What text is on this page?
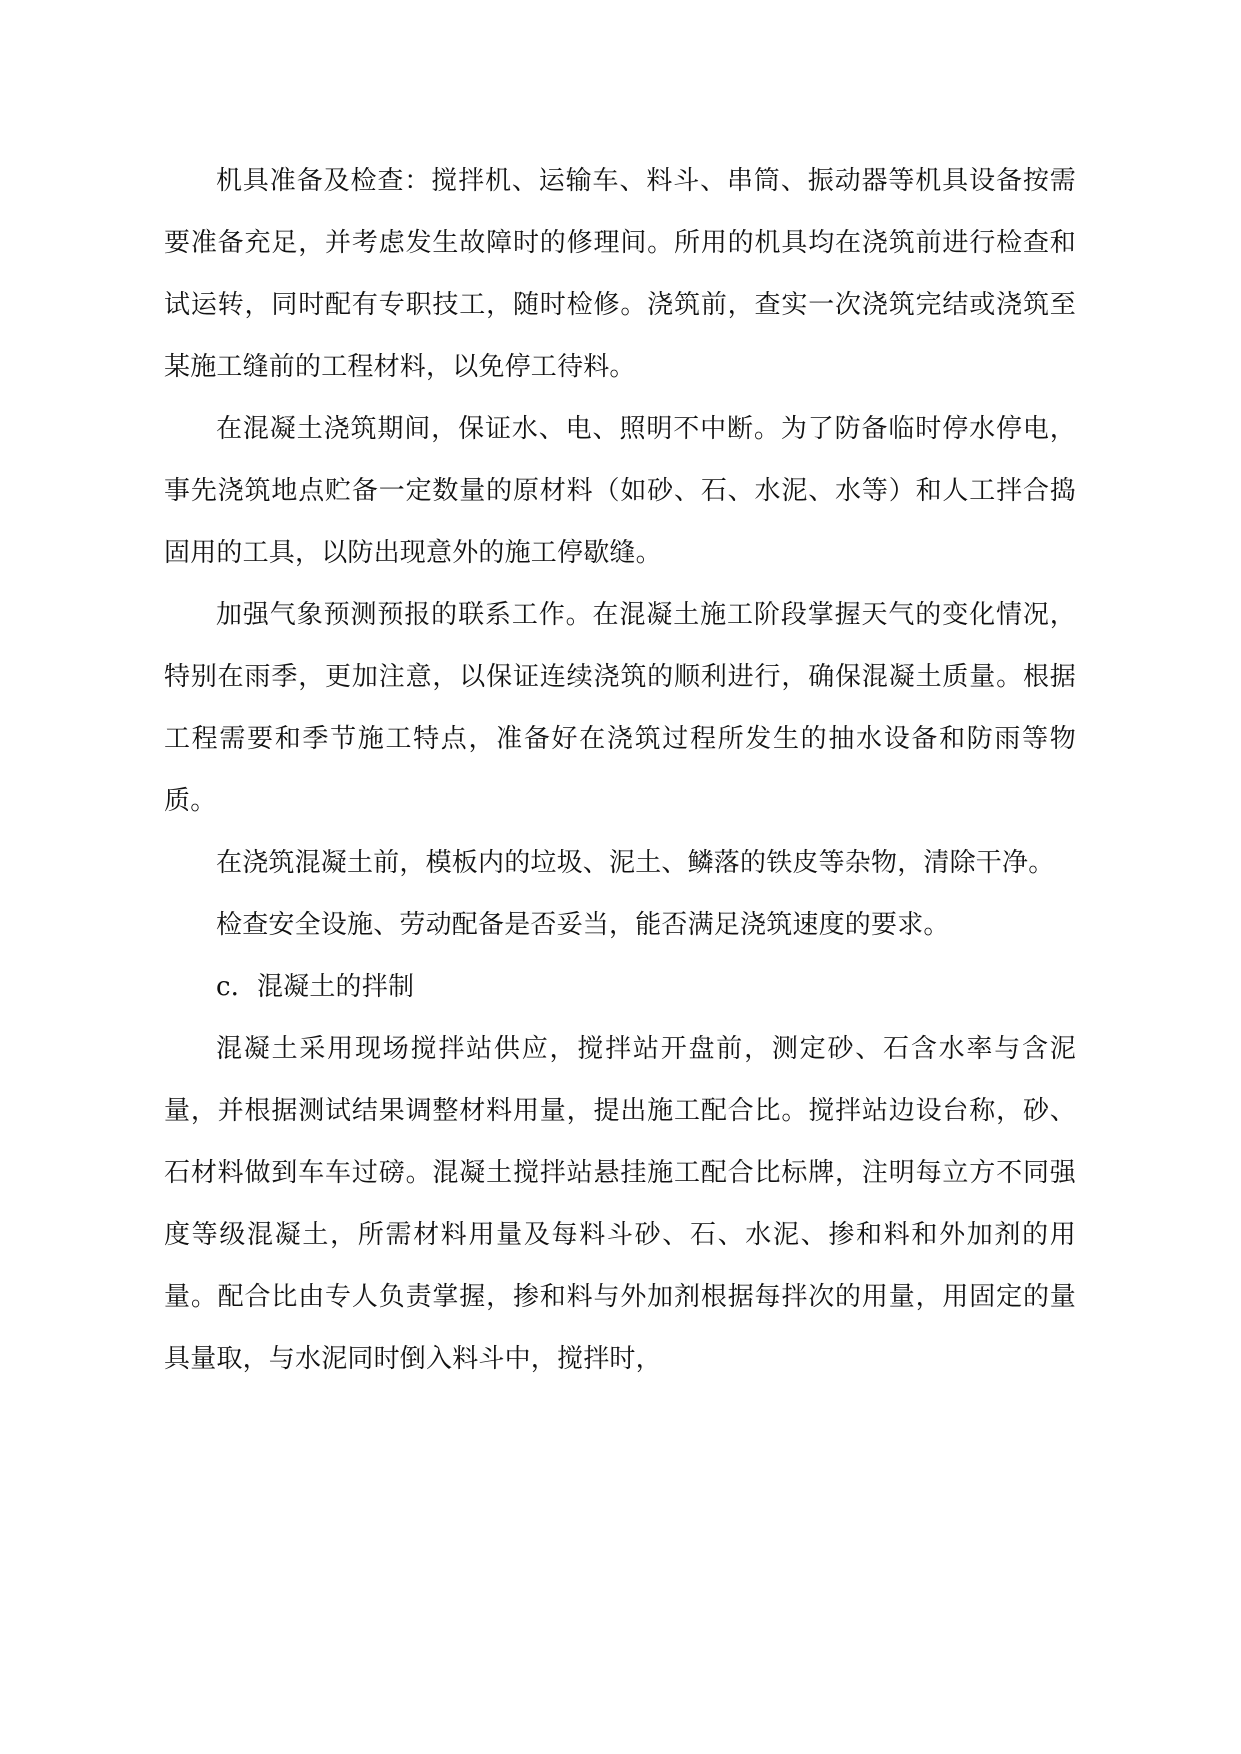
机具准备及检查：搅拌机、运输车、料斗、串筒、振动器等机具设备按需要准备充足，并考虑发生故障时的修理间。所用的机具均在浇筑前进行检查和试运转，同时配有专职技工，随时检修。浇筑前，查实一次浇筑完结或浇筑至某施工缝前的工程材料，以免停工待料。

在混凝土浇筑期间，保证水、电、照明不中断。为了防备临时停水停电，事先浇筑地点贮备一定数量的原材料（如砂、石、水泥、水等）和人工拌合捣固用的工具，以防出现意外的施工停歇缝。

加强气象预测预报的联系工作。在混凝土施工阶段掌握天气的变化情况，特别在雨季，更加注意，以保证连续浇筑的顺利进行，确保混凝土质量。根据工程需要和季节施工特点，准备好在浇筑过程所发生的抽水设备和防雨等物质。

在浇筑混凝土前，模板内的垃圾、泥土、鳞落的铁皮等杂物，清除干净。

检查安全设施、劳动配备是否妥当，能否满足浇筑速度的要求。

c．混凝土的拌制

混凝土采用现场搅拌站供应，搅拌站开盘前，测定砂、石含水率与含泥量，并根据测试结果调整材料用量，提出施工配合比。搅拌站边设台称，砂、石材料做到车车过磅。混凝土搅拌站悬挂施工配合比标牌，注明每立方不同强度等级混凝土，所需材料用量及每料斗砂、石、水泥、掺和料和外加剂的用量。配合比由专人负责掌握，掺和料与外加剂根据每拌次的用量，用固定的量具量取，与水泥同时倒入料斗中，搅拌时，
